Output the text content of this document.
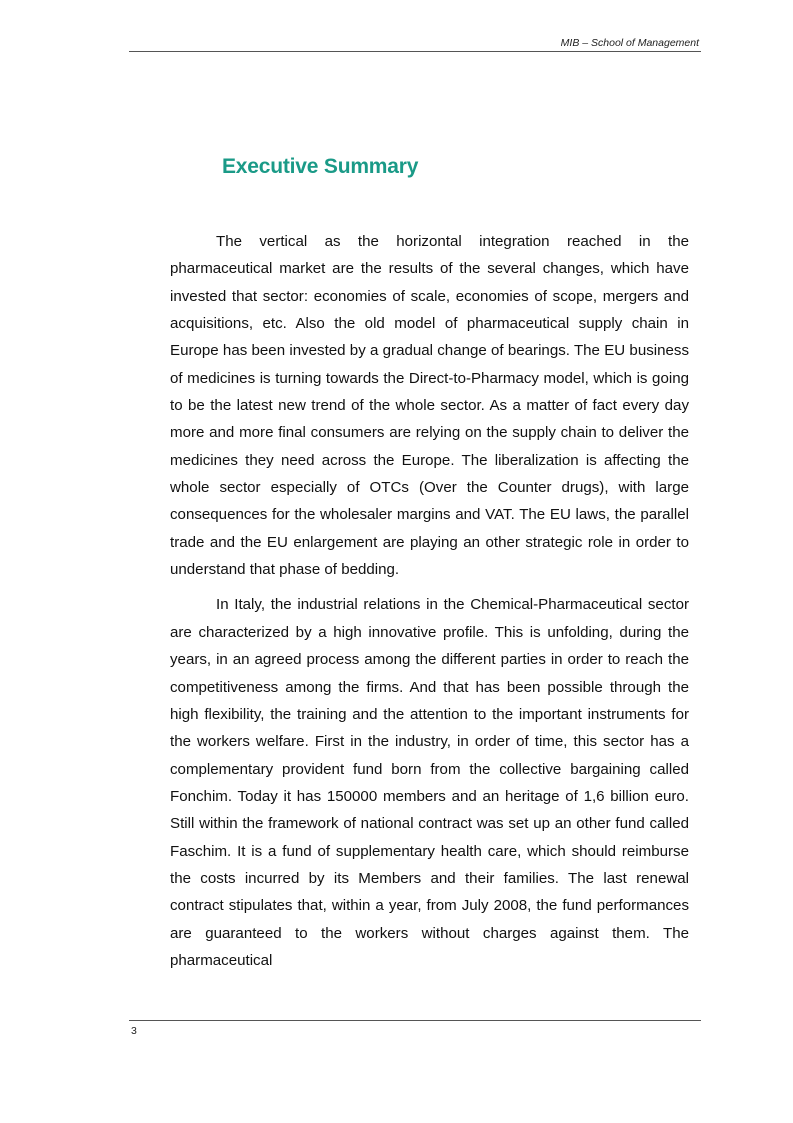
MIB – School of Management
Executive Summary

The vertical as the horizontal integration reached in the pharmaceutical market are the results of the several changes, which have invested that sector: economies of scale, economies of scope, mergers and acquisitions, etc. Also the old model of pharmaceutical supply chain in Europe has been invested by a gradual change of bearings. The EU business of medicines is turning towards the Direct-to-Pharmacy model, which is going to be the latest new trend of the whole sector. As a matter of fact every day more and more final consumers are relying on the supply chain to deliver the medicines they need across the Europe. The liberalization is affecting the whole sector especially of OTCs (Over the Counter drugs), with large consequences for the wholesaler margins and VAT. The EU laws, the parallel trade and the EU enlargement are playing an other strategic role in order to understand that phase of bedding.

In Italy, the industrial relations in the Chemical-Pharmaceutical sector are characterized by a high innovative profile. This is unfolding, during the years, in an agreed process among the different parties in order to reach the competitiveness among the firms. And that has been possible through the high flexibility, the training and the attention to the important instruments for the workers welfare. First in the industry, in order of time, this sector has a complementary provident fund born from the collective bargaining called Fonchim. Today it has 150000 members and an heritage of 1,6 billion euro. Still within the framework of national contract was set up an other fund called Faschim. It is a fund of supplementary health care, which should reimburse the costs incurred by its Members and their families. The last renewal contract stipulates that, within a year, from July 2008, the fund performances are guaranteed to the workers without charges against them. The pharmaceutical

3
